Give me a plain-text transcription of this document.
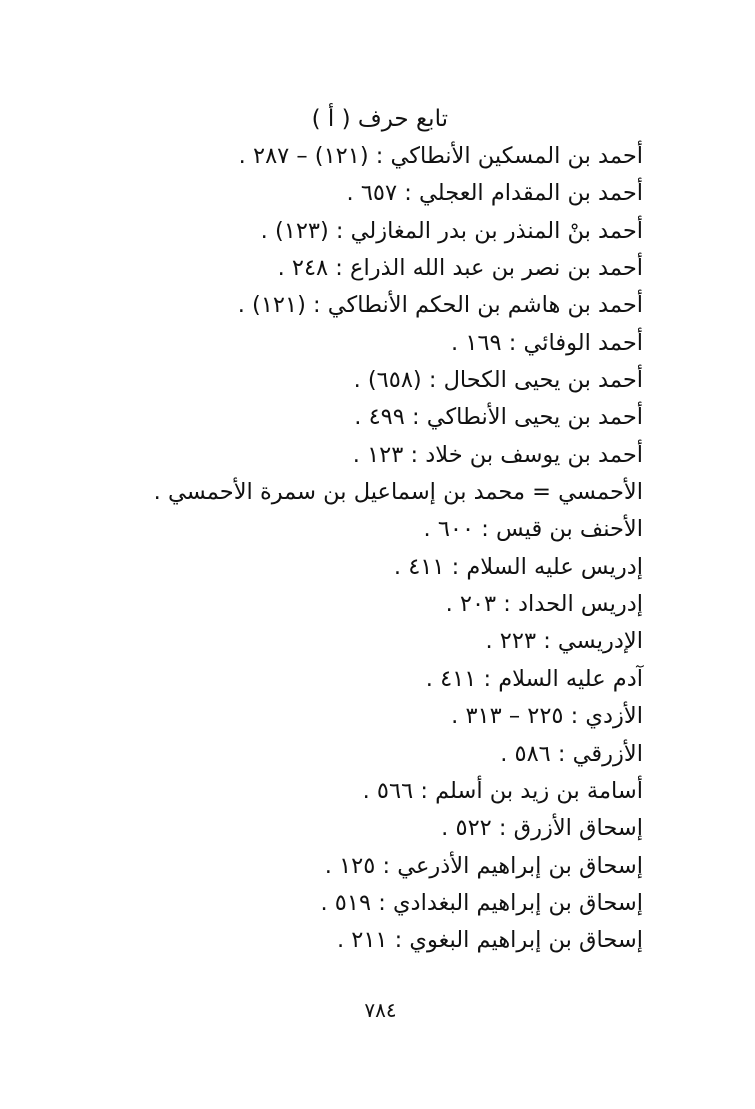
تابع حرف ( أ )
أحمد بن المسكين الأنطاكي : (١٢١) – ٢٨٧ .
أحمد بن المقدام العجلي : ٦٥٧ .
أحمد بنْ المنذر بن بدر المغازلي : (١٢٣) .
أحمد بن نصر بن عبد الله الذراع : ٢٤٨ .
أحمد بن هاشم بن الحكم الأنطاكي : (١٢١) .
أحمد الوفائي : ١٦٩ .
أحمد بن يحيى الكحال : (٦٥٨) .
أحمد بن يحيى الأنطاكي : ٤٩٩ .
أحمد بن يوسف بن خلاد : ١٢٣ .
الأحمسي = محمد بن إسماعيل بن سمرة الأحمسي .
الأحنف بن قيس : ٦٠٠ .
إدريس عليه السلام : ٤١١ .
إدريس الحداد : ٢٠٣ .
الإدريسي : ٢٢٣ .
آدم عليه السلام : ٤١١ .
الأزدي : ٢٢٥ – ٣١٣ .
الأزرقي : ٥٨٦ .
أسامة بن زيد بن أسلم : ٥٦٦ .
إسحاق الأزرق : ٥٢٢ .
إسحاق بن إبراهيم الأذرعي : ١٢٥ .
إسحاق بن إبراهيم البغدادي : ٥١٩ .
إسحاق بن إبراهيم البغوي : ٢١١ .
٧٨٤
